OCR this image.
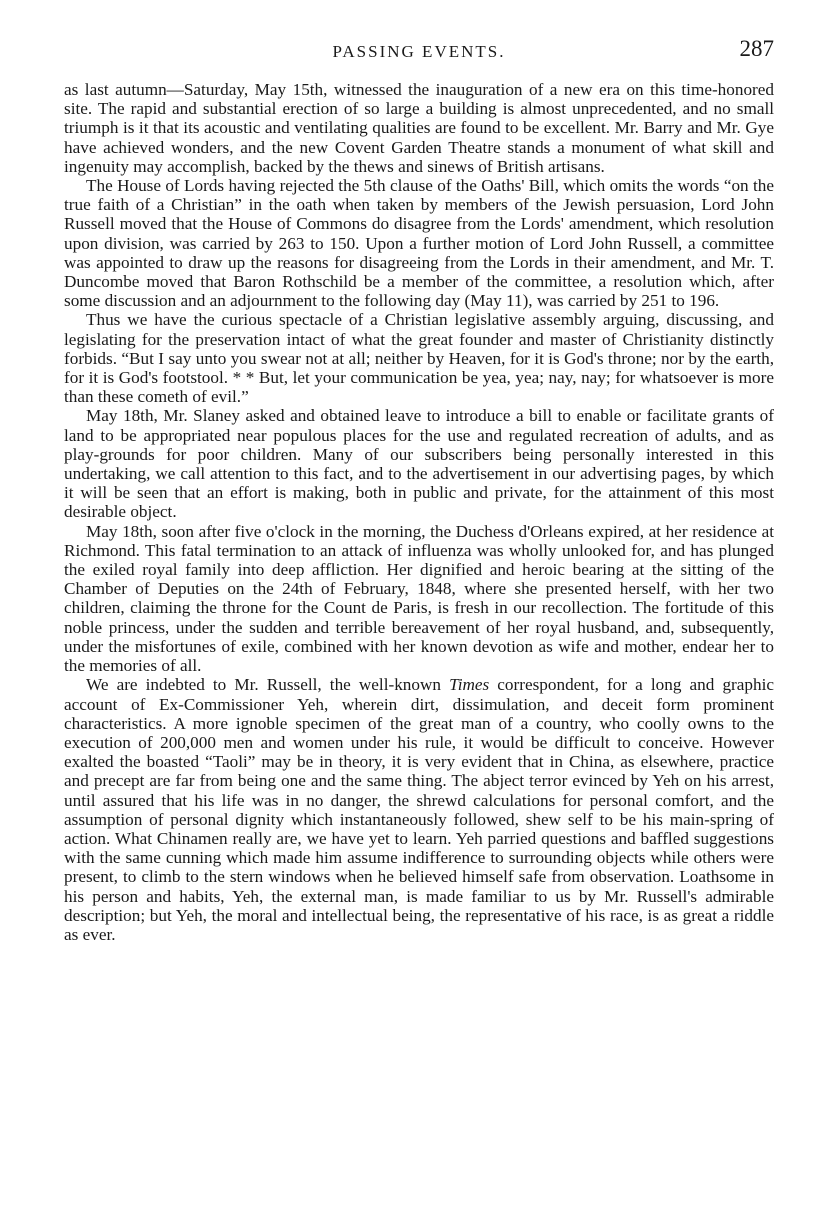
PASSING EVENTS.	287

as last autumn—Saturday, May 15th, witnessed the inauguration of a new era on this time-honored site. The rapid and substantial erection of so large a building is almost unprecedented, and no small triumph is it that its acoustic and ventilating qualities are found to be excellent. Mr. Barry and Mr. Gye have achieved wonders, and the new Covent Garden Theatre stands a monument of what skill and ingenuity may accomplish, backed by the thews and sinews of British artisans.

The House of Lords having rejected the 5th clause of the Oaths' Bill, which omits the words “on the true faith of a Christian” in the oath when taken by members of the Jewish persuasion, Lord John Russell moved that the House of Commons do disagree from the Lords' amendment, which resolution upon division, was carried by 263 to 150. Upon a further motion of Lord John Russell, a committee was appointed to draw up the reasons for disagreeing from the Lords in their amendment, and Mr. T. Duncombe moved that Baron Rothschild be a member of the committee, a resolution which, after some discussion and an adjournment to the following day (May 11), was carried by 251 to 196.

Thus we have the curious spectacle of a Christian legislative assembly arguing, discussing, and legislating for the preservation intact of what the great founder and master of Christianity distinctly forbids. “But I say unto you swear not at all; neither by Heaven, for it is God's throne; nor by the earth, for it is God's footstool. * * But, let your communication be yea, yea; nay, nay; for whatsoever is more than these cometh of evil.”

May 18th, Mr. Slaney asked and obtained leave to introduce a bill to enable or facilitate grants of land to be appropriated near populous places for the use and regulated recreation of adults, and as play-grounds for poor children. Many of our subscribers being personally interested in this undertaking, we call attention to this fact, and to the advertisement in our advertising pages, by which it will be seen that an effort is making, both in public and private, for the attainment of this most desirable object.

May 18th, soon after five o'clock in the morning, the Duchess d'Orleans expired, at her residence at Richmond. This fatal termination to an attack of influenza was wholly unlooked for, and has plunged the exiled royal family into deep affliction. Her dignified and heroic bearing at the sitting of the Chamber of Deputies on the 24th of February, 1848, where she presented herself, with her two children, claiming the throne for the Count de Paris, is fresh in our recollection. The fortitude of this noble princess, under the sudden and terrible bereavement of her royal husband, and, subsequently, under the misfortunes of exile, combined with her known devotion as wife and mother, endear her to the memories of all.

We are indebted to Mr. Russell, the well-known Times correspondent, for a long and graphic account of Ex-Commissioner Yeh, wherein dirt, dissimulation, and deceit form prominent characteristics. A more ignoble specimen of the great man of a country, who coolly owns to the execution of 200,000 men and women under his rule, it would be difficult to conceive. However exalted the boasted “Taoli” may be in theory, it is very evident that in China, as elsewhere, practice and precept are far from being one and the same thing. The abject terror evinced by Yeh on his arrest, until assured that his life was in no danger, the shrewd calculations for personal comfort, and the assumption of personal dignity which instantaneously followed, shew self to be his main-spring of action. What Chinamen really are, we have yet to learn. Yeh parried questions and baffled suggestions with the same cunning which made him assume indifference to surrounding objects while others were present, to climb to the stern windows when he believed himself safe from observation. Loathsome in his person and habits, Yeh, the external man, is made familiar to us by Mr. Russell's admirable description; but Yeh, the moral and intellectual being, the representative of his race, is as great a riddle as ever.
